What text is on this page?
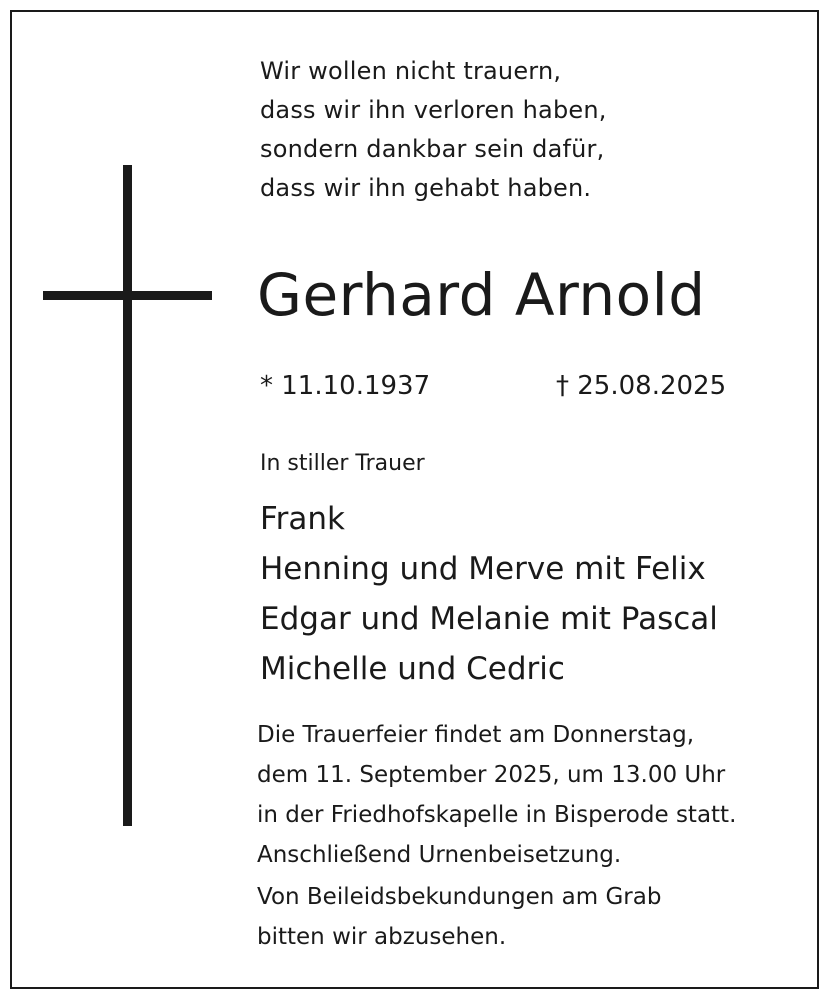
Wir wollen nicht trauern,
dass wir ihn verloren haben,
sondern dankbar sein dafür,
dass wir ihn gehabt haben.
Gerhard Arnold
* 11.10.1937	† 25.08.2025
In stiller Trauer
Frank
Henning und Merve mit Felix
Edgar und Melanie mit Pascal
Michelle und Cedric
Die Trauerfeier findet am Donnerstag,
dem 11. September 2025, um 13.00 Uhr
in der Friedhofskapelle in Bisperode statt.
Anschließend Urnenbeisetzung.
Von Beileidsbekundungen am Grab
bitten wir abzusehen.
